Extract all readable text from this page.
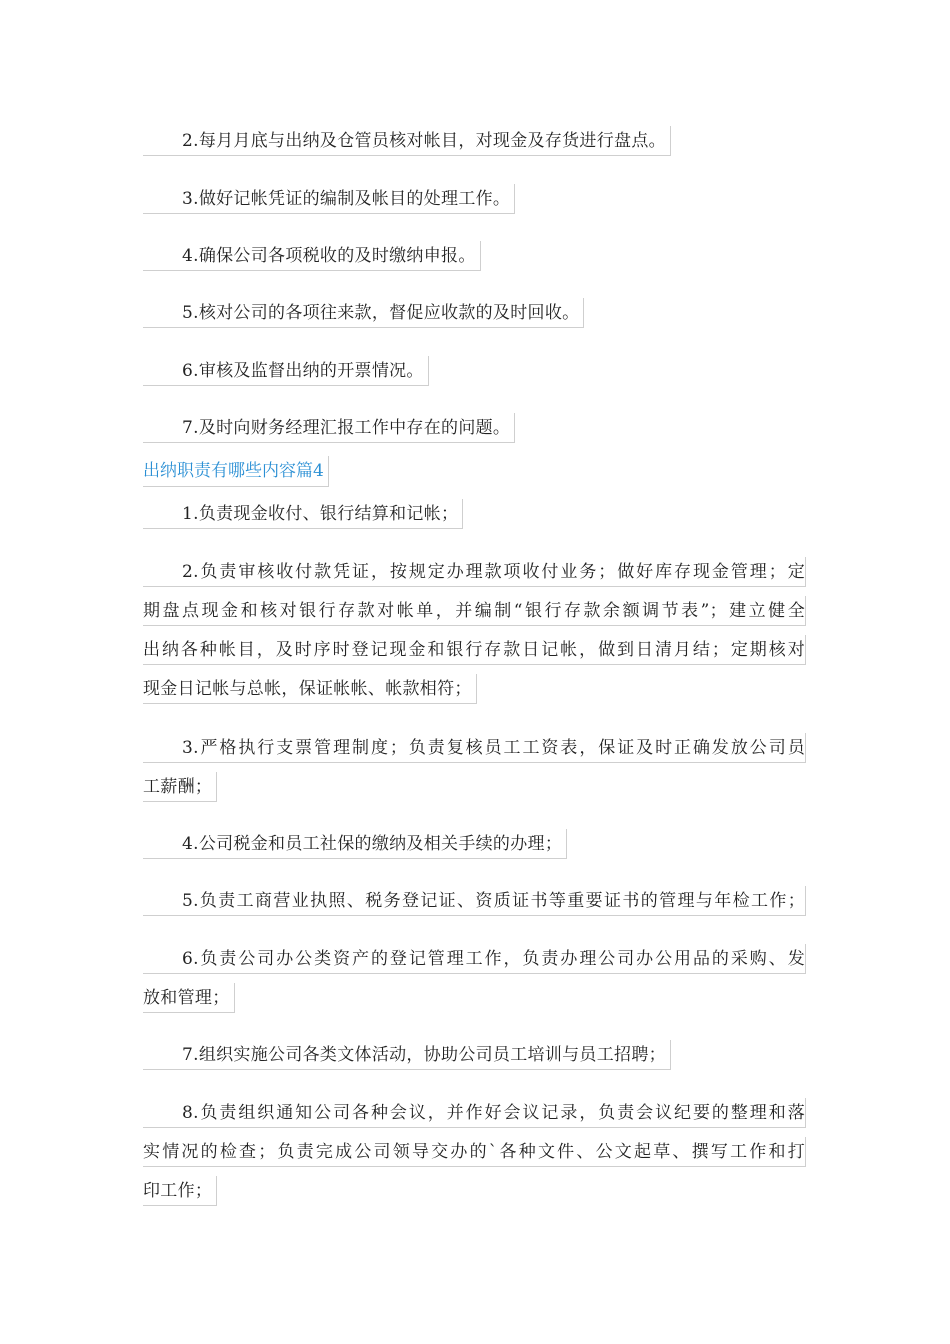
2.每月月底与出纳及仓管员核对帐目，对现金及存货进行盘点。
3.做好记帐凭证的编制及帐目的处理工作。
4.确保公司各项税收的及时缴纳申报。
5.核对公司的各项往来款，督促应收款的及时回收。
6.审核及监督出纳的开票情况。
7.及时向财务经理汇报工作中存在的问题。
出纳职责有哪些内容篇4
1.负责现金收付、银行结算和记帐；
2.负责审核收付款凭证，按规定办理款项收付业务；做好库存现金管理；定
期盘点现金和核对银行存款对帐单，并编制“银行存款余额调节表”；建立健全
出纳各种帐目，及时序时登记现金和银行存款日记帐，做到日清月结；定期核对
现金日记帐与总帐，保证帐帐、帐款相符；
3.严格执行支票管理制度；负责复核员工工资表，保证及时正确发放公司员
工薪酬；
4.公司税金和员工社保的缴纳及相关手续的办理；
5.负责工商营业执照、税务登记证、资质证书等重要证书的管理与年检工作；
6.负责公司办公类资产的登记管理工作，负责办理公司办公用品的采购、发
放和管理；
7.组织实施公司各类文体活动，协助公司员工培训与员工招聘；
8.负责组织通知公司各种会议，并作好会议记录，负责会议纪要的整理和落
实情况的检查；负责完成公司领导交办的`各种文件、公文起草、撰写工作和打
印工作；
